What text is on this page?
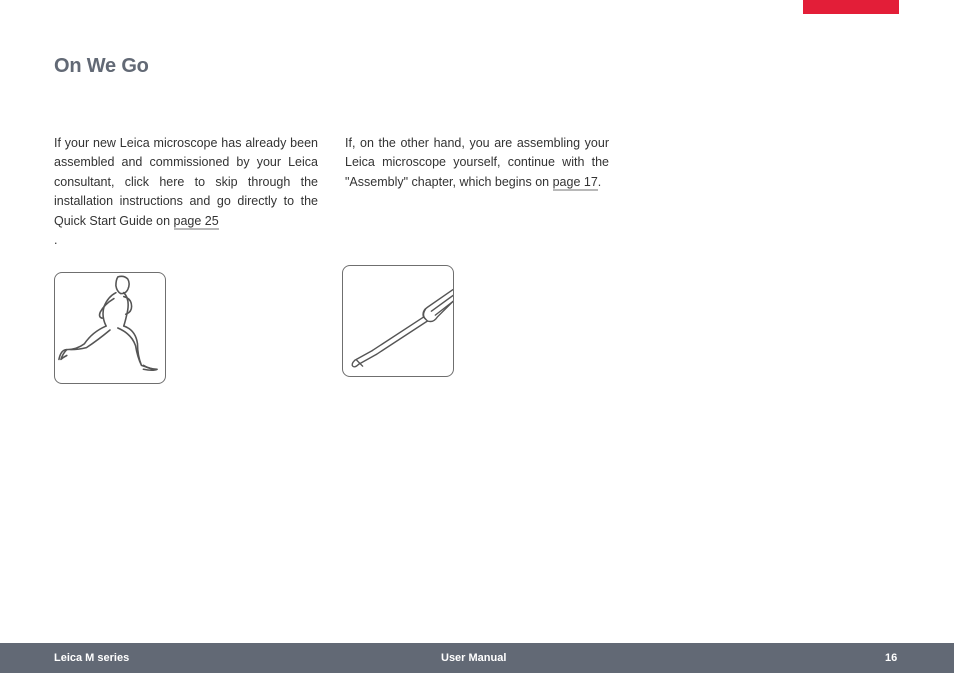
On We Go
If your new Leica microscope has already been assembled and commissioned by your Leica consultant, click here to skip through the installation instructions and go directly to the Quick Start Guide on page 25
.
If, on the other hand, you are assembling your Leica microscope yourself, continue with the "Assembly" chapter, which begins on page 17.
Leica M series	User Manual	16
